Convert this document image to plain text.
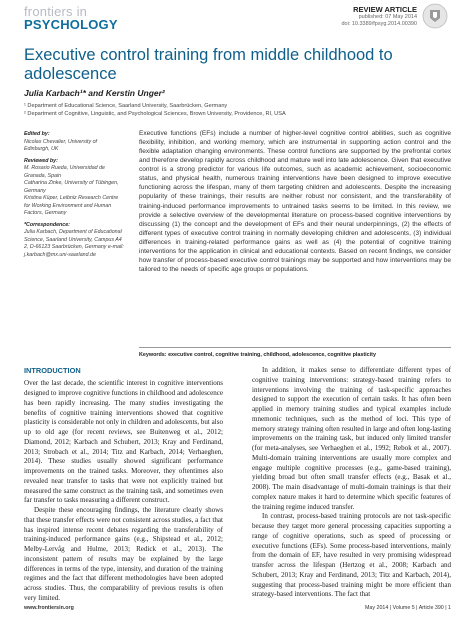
frontiers in
PSYCHOLOGY
REVIEW ARTICLE
published: 07 May 2014
doi: 10.3389/fpsyg.2014.00390
Executive control training from middle childhood to adolescence
Julia Karbach¹* and Kerstin Unger²
¹ Department of Educational Science, Saarland University, Saarbrücken, Germany
² Department of Cognitive, Linguistic, and Psychological Sciences, Brown University, Providence, RI, USA
Edited by:
Nicolas Chevalier, University of Edinburgh, UK
Reviewed by:
M. Rosario Rueda, Universidad de Granada, Spain
Catharina Zinke, University of Tübingen, Germany
Kristina Küper, Leibniz Research Centre for Working Environment and Human Factors, Germany
*Correspondence:
Julia Karbach, Department of Educational Science, Saarland University, Campus A4 2, D-66123 Saarbrücken, Germany e-mail: j.karbach@mx.uni-saarland.de
Executive functions (EFs) include a number of higher-level cognitive control abilities, such as cognitive flexibility, inhibition, and working memory, which are instrumental in supporting action control and the flexible adaptation changing environments. These control functions are supported by the prefrontal cortex and therefore develop rapidly across childhood and mature well into late adolescence. Given that executive control is a strong predictor for various life outcomes, such as academic achievement, socioeconomic status, and physical health, numerous training interventions have been designed to improve executive functioning across the lifespan, many of them targeting children and adolescents. Despite the increasing popularity of these trainings, their results are neither robust nor consistent, and the transferability of training-induced performance improvements to untrained tasks seems to be limited. In this review, we provide a selective overview of the developmental literature on process-based cognitive interventions by discussing (1) the concept and the development of EFs and their neural underpinnings, (2) the effects of different types of executive control training in normally developing children and adolescents, (3) individual differences in training-related performance gains as well as (4) the potential of cognitive training interventions for the application in clinical and educational contexts. Based on recent findings, we consider how transfer of process-based executive control trainings may be supported and how interventions may be tailored to the needs of specific age groups or populations.
Keywords: executive control, cognitive training, childhood, adolescence, cognitive plasticity
INTRODUCTION

Over the last decade, the scientific interest in cognitive interventions designed to improve cognitive functions in childhood and adolescence has been rapidly increasing. The many studies investigating the benefits of cognitive training interventions showed that cognitive plasticity is considerable not only in children and adolescents, but also up to old age (for recent reviews, see Buitenweg et al., 2012; Diamond, 2012; Karbach and Schubert, 2013; Kray and Ferdinand, 2013; Strobach et al., 2014; Titz and Karbach, 2014; Verhaeghen, 2014). These studies usually showed significant performance improvements on the trained tasks. Moreover, they oftentimes also revealed near transfer to tasks that were not explicitly trained but measured the same construct as the training task, and sometimes even far transfer to tasks measuring a different construct.

Despite these encouraging findings, the literature clearly shows that these transfer effects were not consistent across studies, a fact that has inspired intense recent debates regarding the transferability of training-induced performance gains (e.g., Shipstead et al., 2012; Melby-Lervåg and Hulme, 2013; Redick et al., 2013). The inconsistent pattern of results may be explained by the large differences in terms of the type, intensity, and duration of the training regimes and the fact that different methodologies have been adopted across studies. Thus, the comparability of previous results is often very limited.

In addition, it makes sense to differentiate different types of cognitive training interventions: strategy-based training refers to interventions involving the training of task-specific approaches designed to support the execution of certain tasks. It has often been applied in memory training studies and typical examples include mnemonic techniques, such as the method of loci. This type of memory strategy training often resulted in large and often long-lasting improvements on the training task, but induced only limited transfer (for meta-analyses, see Verhaeghen et al., 1992; Rebok et al., 2007). Multi-domain training interventions are usually more complex and engage multiple cognitive processes (e.g., game-based training), yielding broad but often small transfer effects (e.g., Basak et al., 2008). The main disadvantage of multi-domain trainings is that their complex nature makes it hard to determine which specific features of the training regime induced transfer.

In contrast, process-based training protocols are not task-specific because they target more general processing capacities supporting a range of cognitive operations, such as speed of processing or executive functions (EFs). Some process-based interventions, mainly from the domain of EF, have resulted in very promising widespread transfer across the lifespan (Hertzog et al., 2008; Karbach and Schubert, 2013; Kray and Ferdinand, 2013; Titz and Karbach, 2014), suggesting that process-based training might be more efficient than strategy-based interventions. The fact that

www.frontiersin.org	May 2014 | Volume 5 | Article 390 | 1
